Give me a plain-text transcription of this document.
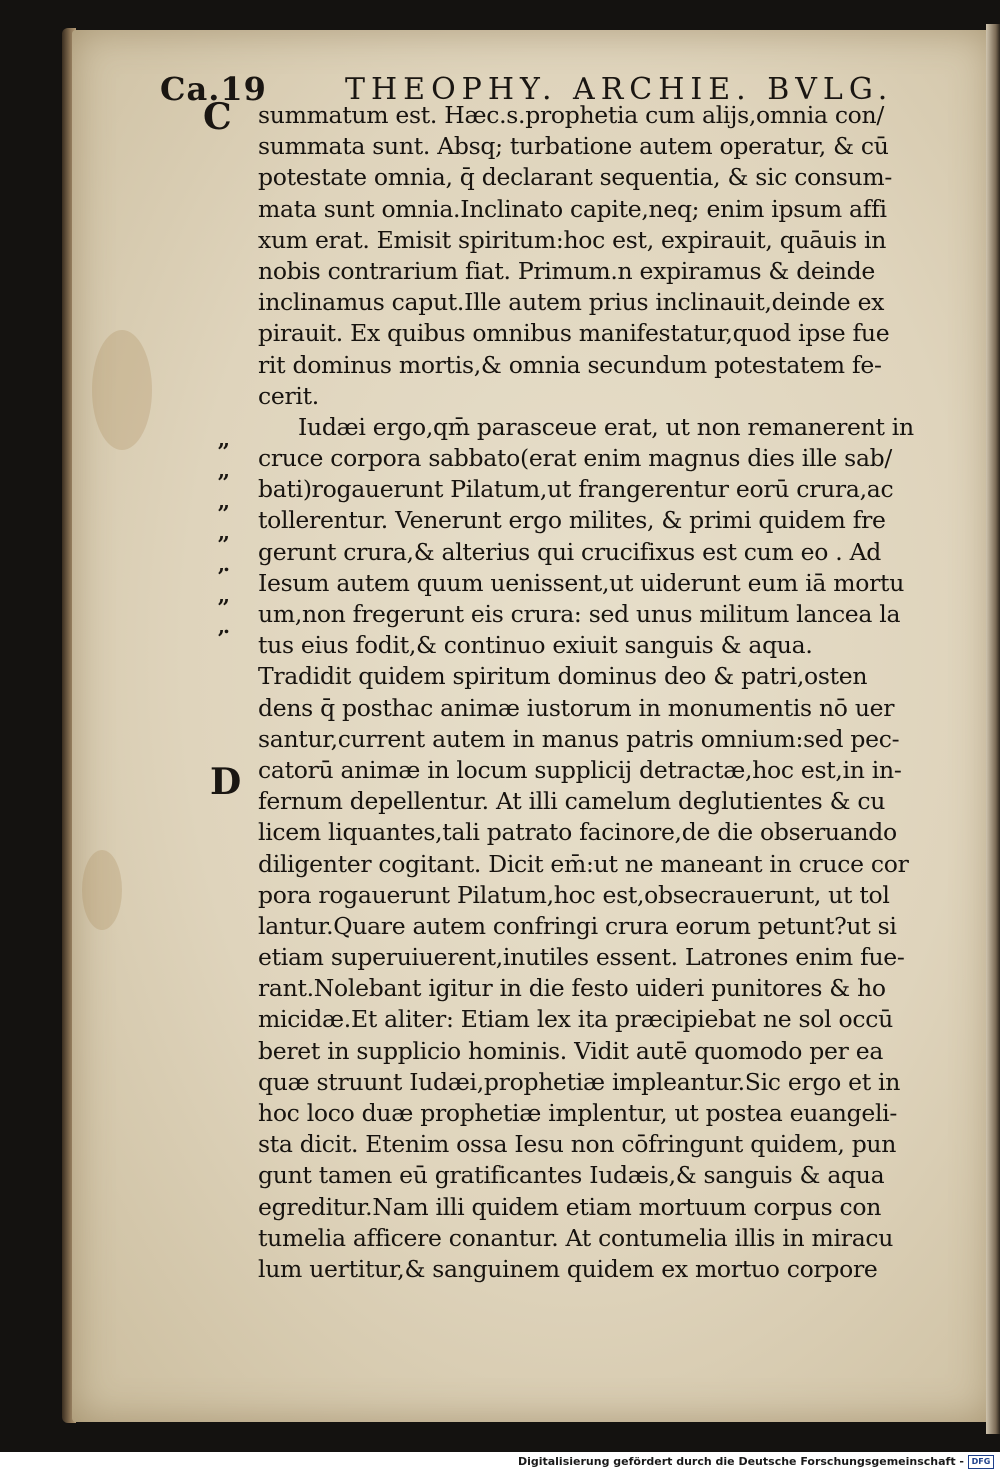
Ca.19	THEOPHY. ARCHIE. BVLG.
C
D
,,
,,
,,
,,
,.
,,
,.
summatum est. Hæc.s.prophetia cum alijs,omnia con/
summata sunt. Absq; turbatione autem operatur, & cū
potestate omnia, q̄ declarant sequentia, & sic consum-
mata sunt omnia.Inclinato capite,neq; enim ipsum affi
xum erat. Emisit spiritum:hoc est, expirauit, quāuis in
nobis contrarium fiat. Primum.n expiramus & deinde
inclinamus caput.Ille autem prius inclinauit,deinde ex
pirauit. Ex quibus omnibus manifestatur,quod ipse fue
rit dominus mortis,& omnia secundum potestatem fe-
cerit.
Iudæi ergo,qm̄ parasceue erat, ut non remanerent in
cruce corpora sabbato(erat enim magnus dies ille sab/
bati)rogauerunt Pilatum,ut frangerentur eorū crura,ac
tollerentur. Venerunt ergo milites, & primi quidem fre
gerunt crura,& alterius qui crucifixus est cum eo . Ad
Iesum autem quum uenissent,ut uiderunt eum iā mortu
um,non fregerunt eis crura: sed unus militum lancea la
tus eius fodit,& continuo exiuit sanguis & aqua.
Tradidit quidem spiritum dominus deo & patri,osten
dens q̄ posthac animæ iustorum in monumentis nō uer
santur,current autem in manus patris omnium:sed pec-
catorū animæ in locum supplicij detractæ,hoc est,in in-
fernum depellentur. At illi camelum deglutientes & cu
licem liquantes,tali patrato facinore,de die obseruando
diligenter cogitant. Dicit em̄:ut ne maneant in cruce cor
pora rogauerunt Pilatum,hoc est,obsecrauerunt, ut tol
lantur.Quare autem confringi crura eorum petunt?ut si
etiam superuiuerent,inutiles essent. Latrones enim fue-
rant.Nolebant igitur in die festo uideri punitores & ho
micidæ.Et aliter: Etiam lex ita præcipiebat ne sol occū
beret in supplicio hominis. Vidit autē quomodo per ea
quæ struunt Iudæi,prophetiæ impleantur.Sic ergo et in
hoc loco duæ prophetiæ implentur, ut postea euangeli-
sta dicit. Etenim ossa Iesu non cōfringunt quidem, pun
gunt tamen eū gratificantes Iudæis,& sanguis & aqua
egreditur.Nam illi quidem etiam mortuum corpus con
tumelia afficere conantur. At contumelia illis in miracu
lum uertitur,& sanguinem quidem ex mortuo corpore
Digitalisierung gefördert durch die Deutsche Forschungsgemeinschaft - DFG
